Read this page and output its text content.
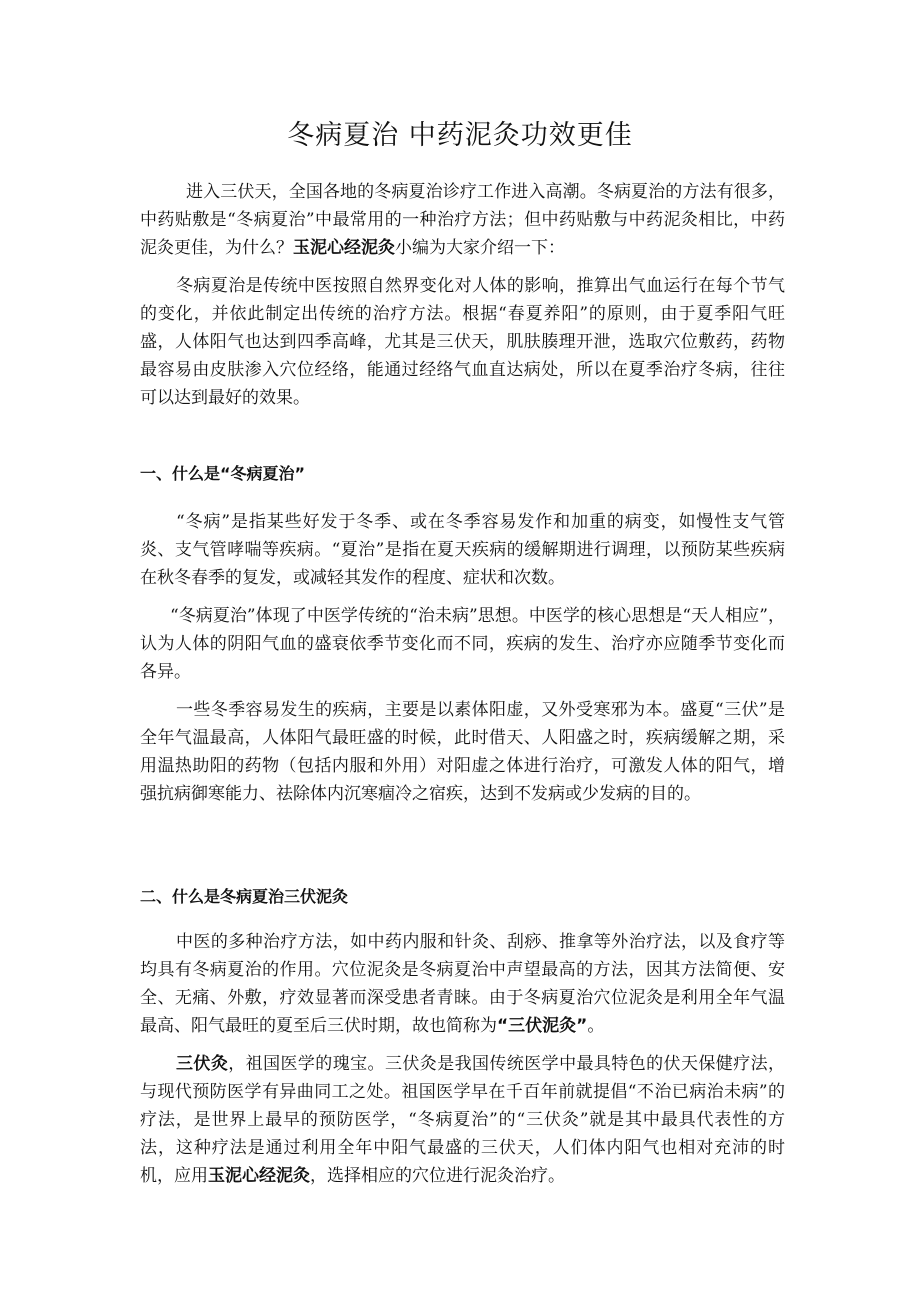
冬病夏治 中药泥灸功效更佳

进入三伏天，全国各地的冬病夏治诊疗工作进入高潮。冬病夏治的方法有很多， 中药贴敷是“冬病夏治”中最常用的一种治疗方法；但中药贴敷与中药泥灸相比，中药泥灸更佳，为什么？玉泥心经泥灸小编为大家介绍一下：

冬病夏治是传统中医按照自然界变化对人体的影响，推算出气血运行在每个节气的变化，并依此制定出传统的治疗方法。根据“春夏养阳”的原则，由于夏季阳气旺盛，人体阳气也达到四季高峰，尤其是三伏天，肌肤腠理开泄，选取穴位敷药，药物最容易由皮肤渗入穴位经络，能通过经络气血直达病处，所以在夏季治疗冬病，往往可以达到最好的效果。

一、什么是“冬病夏治”

“冬病”是指某些好发于冬季、或在冬季容易发作和加重的病变，如慢性支气管炎、支气管哮喘等疾病。“夏治”是指在夏天疾病的缓解期进行调理，以预防某些疾病在秋冬春季的复发，或减轻其发作的程度、症状和次数。

“冬病夏治”体现了中医学传统的“治未病”思想。中医学的核心思想是“天人相应”， 认为人体的阴阳气血的盛衰依季节变化而不同，疾病的发生、治疗亦应随季节变化而各异。

一些冬季容易发生的疾病，主要是以素体阳虚，又外受寒邪为本。盛夏“三伏”是全年气温最高，人体阳气最旺盛的时候，此时借天、人阳盛之时，疾病缓解之期，采用温热助阳的药物（包括内服和外用）对阳虚之体进行治疗，可激发人体的阳气，增强抗病御寒能力、祛除体内沉寒痼冷之宿疾，达到不发病或少发病的目的。

二、什么是冬病夏治三伏泥灸

中医的多种治疗方法，如中药内服和针灸、刮痧、推拿等外治疗法，以及食疗等均具有冬病夏治的作用。穴位泥灸是冬病夏治中声望最高的方法，因其方法简便、安全、无痛、外敷，疗效显著而深受患者青睐。由于冬病夏治穴位泥灸是利用全年气温最高、阳气最旺的夏至后三伏时期，故也简称为“三伏泥灸”。

三伏灸，祖国医学的瑰宝。三伏灸是我国传统医学中最具特色的伏天保健疗法，与现代预防医学有异曲同工之处。祖国医学早在千百年前就提倡“不治已病治未病”的疗法，是世界上最早的预防医学，“冬病夏治”的“三伏灸”就是其中最具代表性的方法，这种疗法是通过利用全年中阳气最盛的三伏天，人们体内阳气也相对充沛的时机，应用玉泥心经泥灸，选择相应的穴位进行泥灸治疗。
